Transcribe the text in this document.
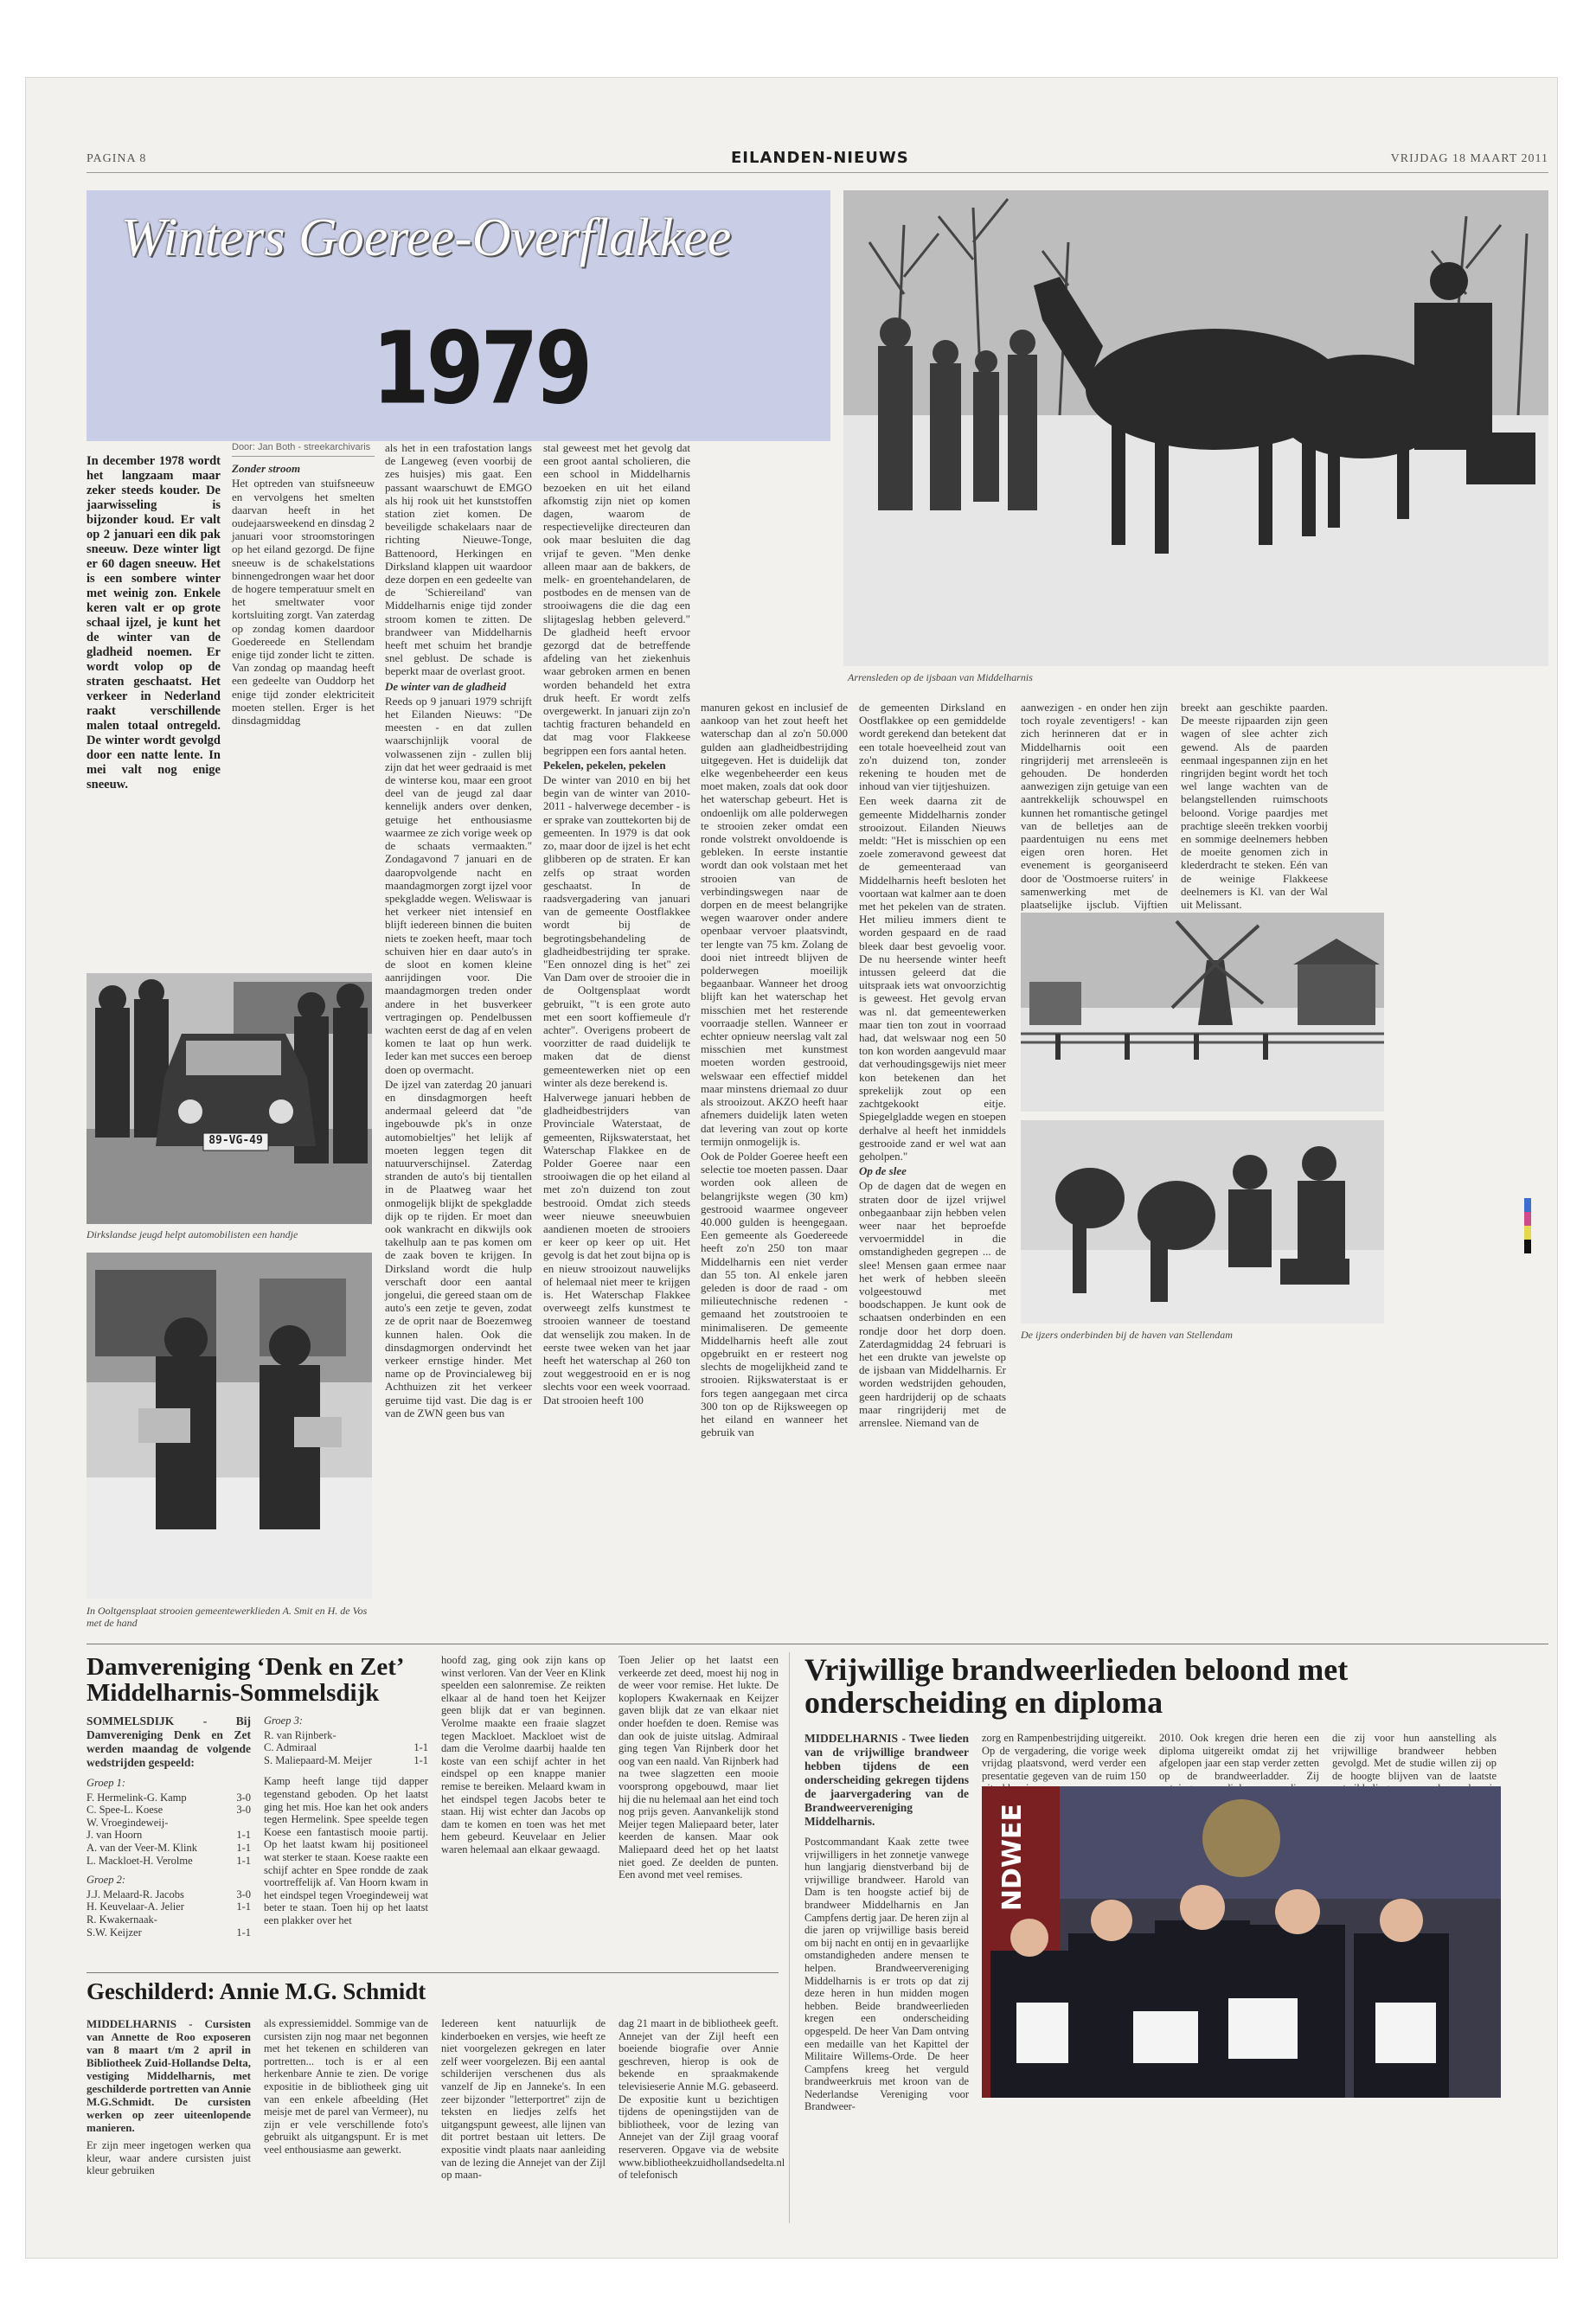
PAGINA 8	EILANDEN-NIEUWS	VRIJDAG 18 MAART 2011
Winters Goeree-Overflakkee
1979
Arrensleden op de ijsbaan van Middelharnis

In december 1978 wordt het langzaam maar zeker steeds kouder. De jaarwisseling is bijzonder koud. Er valt op 2 januari een dik pak sneeuw. Deze winter ligt er 60 dagen sneeuw. Het is een sombere winter met weinig zon. Enkele keren valt er op grote schaal ijzel, je kunt het de winter van de gladheid noemen. Er wordt volop op de straten geschaatst. Het verkeer in Nederland raakt verschillende malen totaal ontregeld. De winter wordt gevolgd door een natte lente. In mei valt nog enige sneeuw.

Door: Jan Both - streekarchivaris

Zonder stroom

Het optreden van stuifsneeuw en vervolgens het smelten daarvan heeft in het oudejaarsweekend en dinsdag 2 januari voor stroomstoringen op het eiland gezorgd. De fijne sneeuw is de schakelstations binnengedrongen waar het door de hogere temperatuur smelt en het smeltwater voor kortsluiting zorgt. Van zaterdag op zondag komen daardoor Goedereede en Stellendam enige tijd zonder licht te zitten. Van zondag op maandag heeft een gedeelte van Ouddorp het enige tijd zonder elektriciteit moeten stellen. Erger is het dinsdagmiddag

als het in een trafostation langs de Langeweg (even voorbij de zes huisjes) mis gaat. Een passant waarschuwt de EMGO als hij rook uit het kunststoffen station ziet komen. De beveiligde schakelaars naar de richting Nieuwe-Tonge, Battenoord, Herkingen en Dirksland klappen uit waardoor deze dorpen en een gedeelte van de 'Schiereiland' van Middelharnis enige tijd zonder stroom komen te zitten. De brandweer van Middelharnis heeft met schuim het brandje snel geblust. De schade is beperkt maar de overlast groot.

De winter van de gladheid

Reeds op 9 januari 1979 schrijft het Eilanden Nieuws: "De meesten - en dat zullen waarschijnlijk vooral de volwassenen zijn - zullen blij zijn dat het weer gedraaid is met de winterse kou, maar een groot deel van de jeugd zal daar kennelijk anders over denken, getuige het enthousiasme waarmee ze zich vorige week op de schaats vermaakten." Zondagavond 7 januari en de daaropvolgende nacht en maandagmorgen zorgt ijzel voor spekgladde wegen. Weliswaar is het verkeer niet intensief en blijft iedereen binnen die buiten niets te zoeken heeft, maar toch schuiven hier en daar auto's in de sloot en komen kleine aanrijdingen voor. Die maandagmorgen treden onder andere in het busverkeer vertragingen op. Pendelbussen wachten eerst de dag af en velen komen te laat op hun werk. Ieder kan met succes een beroep doen op overmacht.

De ijzel van zaterdag 20 januari en dinsdagmorgen heeft andermaal geleerd dat "de ingebouwde pk's in onze automobieltjes" het lelijk af moeten leggen tegen dit natuurverschijnsel. Zaterdag stranden de auto's bij tientallen in de Plaatweg waar het onmogelijk blijkt de spekgladde dijk op te rijden. Er moet dan ook wankracht en dikwijls ook takelhulp aan te pas komen om de zaak boven te krijgen. In Dirksland wordt die hulp verschaft door een aantal jongelui, die gereed staan om de auto's een zetje te geven, zodat ze de oprit naar de Boezemweg kunnen halen. Ook die dinsdagmorgen ondervindt het verkeer ernstige hinder. Met name op de Provincialeweg bij Achthuizen zit het verkeer geruime tijd vast. Die dag is er van de ZWN geen bus van

stal geweest met het gevolg dat een groot aantal scholieren, die een school in Middelharnis bezoeken en uit het eiland afkomstig zijn niet op komen dagen, waarom de respectievelijke directeuren dan ook maar besluiten die dag vrijaf te geven. "Men denke alleen maar aan de bakkers, de melk- en groentehandelaren, de postbodes en de mensen van de strooiwagens die die dag een slijtageslag hebben geleverd." De gladheid heeft ervoor gezorgd dat de betreffende afdeling van het ziekenhuis waar gebroken armen en benen worden behandeld het extra druk heeft. Er wordt zelfs overgewerkt. In januari zijn zo'n tachtig fracturen behandeld en dat mag voor Flakkeese begrippen een fors aantal heten.

Pekelen, pekelen, pekelen

De winter van 2010 en bij het begin van de winter van 2010-2011 - halverwege december - is er sprake van zouttekorten bij de gemeenten. In 1979 is dat ook zo, maar door de ijzel is het echt glibberen op de straten. Er kan zelfs op straat worden geschaatst. In de raadsvergadering van januari van de gemeente Oostflakkee wordt bij de begrotingsbehandeling de gladheidbestrijding ter sprake. "Een onnozel ding is het" zei Van Dam over de strooier die in de Ooltgensplaat wordt gebruikt, "'t is een grote auto met een soort koffiemeule d'r achter". Overigens probeert de voorzitter de raad duidelijk te maken dat de dienst gemeentewerken niet op een winter als deze berekend is.

Halverwege januari hebben de gladheidbestrijders van Provinciale Waterstaat, de gemeenten, Rijkswaterstaat, het Waterschap Flakkee en de Polder Goeree naar een strooiwagen die op het eiland al met zo'n duizend ton zout bestrooid. Omdat zich steeds weer nieuwe sneeuwbuien aandienen moeten de strooiers er keer op keer op uit. Het gevolg is dat het zout bijna op is en nieuw strooizout nauwelijks of helemaal niet meer te krijgen is. Het Waterschap Flakkee overweegt zelfs kunstmest te strooien wanneer de toestand dat wenselijk zou maken. In de eerste twee weken van het jaar heeft het waterschap al 260 ton zout weggestrooid en er is nog slechts voor een week voorraad. Dat strooien heeft 100

manuren gekost en inclusief de aankoop van het zout heeft het waterschap dan al zo'n 50.000 gulden aan gladheidbestrijding uitgegeven. Het is duidelijk dat elke wegenbeheerder een keus moet maken, zoals dat ook door het waterschap gebeurt. Het is ondoenlijk om alle polderwegen te strooien zeker omdat een ronde volstrekt onvoldoende is gebleken. In eerste instantie wordt dan ook volstaan met het strooien van de verbindingswegen naar de dorpen en de meest belangrijke wegen waarover onder andere openbaar vervoer plaatsvindt, ter lengte van 75 km. Zolang de dooi niet intreedt blijven de polderwegen moeilijk begaanbaar. Wanneer het droog blijft kan het waterschap het misschien met het resterende voorraadje stellen. Wanneer er echter opnieuw neerslag valt zal misschien met kunstmest moeten worden gestrooid, welswaar een effectief middel maar minstens driemaal zo duur als strooizout. AKZO heeft haar afnemers duidelijk laten weten dat levering van zout op korte termijn onmogelijk is.

Ook de Polder Goeree heeft een selectie toe moeten passen. Daar worden ook alleen de belangrijkste wegen (30 km) gestrooid waarmee ongeveer 40.000 gulden is heengegaan. Een gemeente als Goedereede heeft zo'n 250 ton maar Middelharnis een niet verder dan 55 ton. Al enkele jaren geleden is door de raad - om milieutechnische redenen - gemaand het zoutstrooien te minimaliseren. De gemeente Middelharnis heeft alle zout opgebruikt en er resteert nog slechts de mogelijkheid zand te strooien. Rijkswaterstaat is er fors tegen aangegaan met circa 300 ton op de Rijksweegen op het eiland en wanneer het gebruik van

de gemeenten Dirksland en Oostflakkee op een gemiddelde wordt gerekend dan betekent dat een totale hoeveelheid zout van zo'n duizend ton, zonder rekening te houden met de inhoud van vier tijtjeshuizen.

Een week daarna zit de gemeente Middelharnis zonder strooizout. Eilanden Nieuws meldt: "Het is misschien op een zoele zomeravond geweest dat de gemeenteraad van Middelharnis heeft besloten het voortaan wat kalmer aan te doen met het pekelen van de straten. Het milieu immers dient te worden gespaard en de raad bleek daar best gevoelig voor. De nu heersende winter heeft intussen geleerd dat die uitspraak iets wat onvoorzichtig is geweest. Het gevolg ervan was nl. dat gemeentewerken maar tien ton zout in voorraad had, dat welswaar nog een 50 ton kon worden aangevuld maar dat verhoudingsgewijs niet meer kon betekenen dan het sprekelijk zout op een zachtgekookt eitje. Spiegelgladde wegen en stoepen derhalve al heeft het inmiddels gestrooide zand er wel wat aan geholpen."

Op de slee

Op de dagen dat de wegen en straten door de ijzel vrijwel onbegaanbaar zijn hebben velen weer naar het beproefde vervoermiddel in die omstandigheden gegrepen ... de slee! Mensen gaan ermee naar het werk of hebben sleeën volgeestouwd met boodschappen. Je kunt ook de schaatsen onderbinden en een rondje door het dorp doen. Zaterdagmiddag 24 februari is het een drukte van jewelste op de ijsbaan van Middelharnis. Er worden wedstrijden gehouden, geen hardrijderij op de schaats maar ringrijderij met de arrenslee. Niemand van de

aanwezigen - en onder hen zijn toch royale zeventigers! - kan zich herinneren dat er in Middelharnis ooit een ringrijderij met arrensleeën is gehouden. De honderden aanwezigen zijn getuige van een aantrekkelijk schouwspel en kunnen het romantische getingel van de belletjes aan de paardentuigen nu eens met eigen oren horen. Het evenement is georganiseerd door de 'Oostmoerse ruiters' in samenwerking met de plaatselijke ijsclub. Vijftien

breekt aan geschikte paarden. De meeste rijpaarden zijn geen wagen of slee achter zich gewend. Als de paarden eenmaal ingespannen zijn en het ringrijden begint wordt het toch wel lange wachten van de belangstellenden ruimschoots beloond. Vorige paardjes met prachtige sleeën trekken voorbij en sommige deelnemers hebben de moeite genomen zich in klederdracht te steken. Eén van de weinige Flakkeese deelnemers is Kl. van der Wal uit Melissant.

De ijzers onderbinden bij de haven van Stellendam
89-VG-49
Dirkslandse jeugd helpt automobilisten een handje
In Ooltgensplaat strooien gemeentewerklieden A. Smit en H. de Vos met de hand
Damvereniging ‘Denk en Zet’
Middelharnis-Sommelsdijk

SOMMELSDIJK - Bij Damvereniging Denk en Zet werden maandag de volgende wedstrijden gespeeld:

Groep 1:

F. Hermelink-G. Kamp	3-0
C. Spee-L. Koese	3-0
W. Vroegindeweij-
J. van Hoorn	1-1
A. van der Veer-M. Klink	1-1
L. Mackloet-H. Verolme	1-1

Groep 2:

J.J. Melaard-R. Jacobs	3-0
H. Keuvelaar-A. Jelier	1-1
R. Kwakernaak-
S.W. Keijzer	1-1

Groep 3:

R. van Rijnberk-
C. Admiraal	1-1
S. Maliepaard-M. Meijer	1-1

Kamp heeft lange tijd dapper tegenstand geboden. Op het laatst ging het mis. Hoe kan het ook anders tegen Hermelink. Spee speelde tegen Koese een fantastisch mooie partij. Op het laatst kwam hij positioneel wat sterker te staan. Koese raakte een schijf achter en Spee rondde de zaak voortreffelijk af. Van Hoorn kwam in het eindspel tegen Vroegindeweij wat beter te staan. Toen hij op het laatst een plakker over het

hoofd zag, ging ook zijn kans op winst verloren. Van der Veer en Klink speelden een salonremise. Ze reikten elkaar al de hand toen het Keijzer geen blijk dat er van beginnen. Verolme maakte een fraaie slagzet tegen Mackloet. Mackloet wist de dam die Verolme daarbij haalde ten koste van een schijf achter in het eindspel op een knappe manier remise te bereiken. Melaard kwam in het eindspel tegen Jacobs beter te staan. Hij wist echter dan Jacobs op dam te komen en toen was het met hem gebeurd. Keuvelaar en Jelier waren helemaal aan elkaar gewaagd.

Toen Jelier op het laatst een verkeerde zet deed, moest hij nog in de weer voor remise. Het lukte. De koplopers Kwakernaak en Keijzer gaven blijk dat ze van elkaar niet onder hoefden te doen. Remise was dan ook de juiste uitslag. Admiraal ging tegen Van Rijnberk door het oog van een naald. Van Rijnberk had na twee slagzetten een mooie voorsprong opgebouwd, maar liet hij die nu helemaal aan het eind toch nog prijs geven. Aanvankelijk stond Meijer tegen Maliepaard beter, later keerden de kansen. Maar ook Maliepaard deed het op het laatst niet goed. Ze deelden de punten. Een avond met veel remises.

Geschilderd: Annie M.G. Schmidt

MIDDELHARNIS - Cursisten van Annette de Roo exposeren van 8 maart t/m 2 april in Bibliotheek Zuid-Hollandse Delta, vestiging Middelharnis, met geschilderde portretten van Annie M.G.Schmidt. De cursisten werken op zeer uiteenlopende manieren.

Er zijn meer ingetogen werken qua kleur, waar andere cursisten juist kleur gebruiken

als expressiemiddel. Sommige van de cursisten zijn nog maar net begonnen met het tekenen en schilderen van portretten... toch is er al een herkenbare Annie te zien. De vorige expositie in de bibliotheek ging uit van een enkele afbeelding (Het meisje met de parel van Vermeer), nu zijn er vele verschillende foto's gebruikt als uitgangspunt. Er is met veel enthousiasme aan gewerkt.

Iedereen kent natuurlijk de kinderboeken en versjes, wie heeft ze niet voorgelezen gekregen en later zelf weer voorgelezen. Bij een aantal schilderijen verschenen dus als vanzelf de Jip en Janneke's. In een zeer bijzonder "letterportret" zijn de teksten en liedjes zelfs het uitgangspunt geweest, alle lijnen van dit portret bestaan uit letters. De expositie vindt plaats naar aanleiding van de lezing die Annejet van der Zijl op maan-

dag 21 maart in de bibliotheek geeft. Annejet van der Zijl heeft een boeiende biografie over Annie geschreven, hierop is ook de bekende en spraakmakende televisieserie Annie M.G. gebaseerd. De expositie kunt u bezichtigen tijdens de openingstijden van de bibliotheek, voor de lezing van Annejet van der Zijl graag vooraf reserveren. Opgave via de website www.bibliotheekzuidhollandsedelta.nl of telefonisch

Vrijwillige brandweerlieden beloond met onderscheiding en diploma

MIDDELHARNIS - Twee lieden van de vrijwillige brandweer hebben tijdens de een onderscheiding gekregen tijdens de jaarvergadering van de Brandweervereniging Middelharnis.

Postcommandant Kaak zette twee vrijwilligers in het zonnetje vanwege hun langjarig dienstverband bij de vrijwillige brandweer. Harold van Dam is ten hoogste actief bij de brandweer Middelharnis en Jan Campfens dertig jaar. De heren zijn al die jaren op vrijwillige basis bereid om bij nacht en ontij en in gevaarlijke omstandigheden andere mensen te helpen. Brandweervereniging Middelharnis is er trots op dat zij deze heren in hun midden mogen hebben. Beide brandweerlieden kregen een onderscheiding opgespeld. De heer Van Dam ontving een medaille van het Kapittel der Militaire Willems-Orde. De heer Campfens kreeg het verguld brandweerkruis met kroon van de Nederlandse Vereniging voor Brandweer-

zorg en Rampenbestrijding uitgereikt. Op de vergadering, die vorige week vrijdag plaatsvond, werd verder een presentatie gegeven van de ruim 150

2010. Ook kregen drie heren een diploma uitgereikt omdat zij het afgelopen jaar een stap verder zetten op de brandweerladder. Zij

die zij voor hun aanstelling als vrijwillige brandweer hebben gevolgd. Met de studie willen zij op de hoogte blijven van de laatste

NDWEE
